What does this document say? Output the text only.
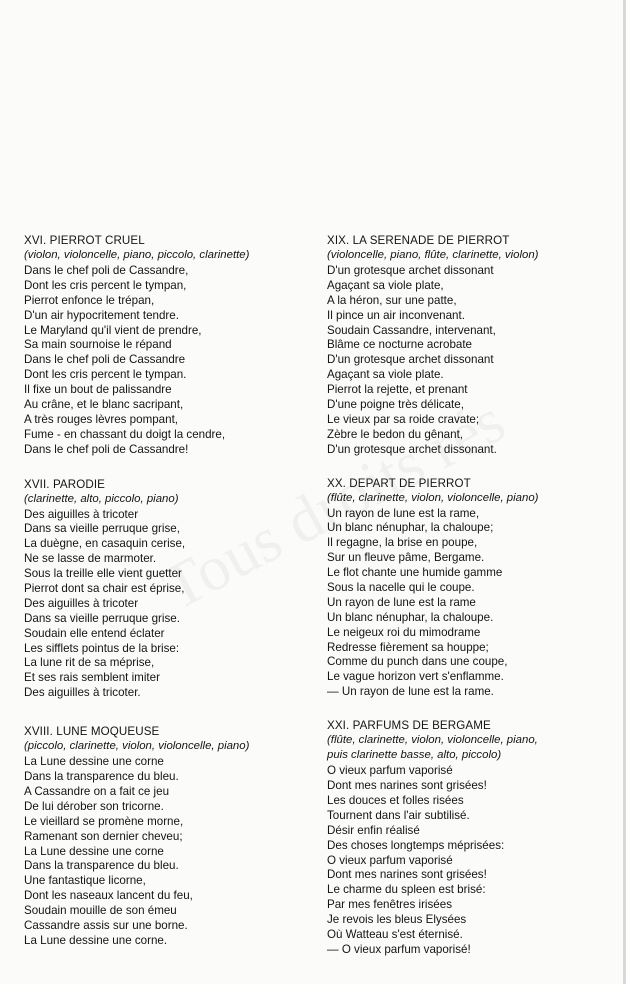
XVI. PIERROT CRUEL
(violon, violoncelle, piano, piccolo, clarinette)
Dans le chef poli de Cassandre,
Dont les cris percent le tympan,
Pierrot enfonce le trépan,
D'un air hypocritement tendre.
Le Maryland qu'il vient de prendre,
Sa main sournoise le répand
Dans le chef poli de Cassandre
Dont les cris percent le tympan.
Il fixe un bout de palissandre
Au crâne, et le blanc sacripant,
A très rouges lèvres pompant,
Fume - en chassant du doigt la cendre,
Dans le chef poli de Cassandre!
XVII. PARODIE
(clarinette, alto, piccolo, piano)
Des aiguilles à tricoter
Dans sa vieille perruque grise,
La duègne, en casaquin cerise,
Ne se lasse de marmoter.
Sous la treille elle vient guetter
Pierrot dont sa chair est éprise,
Des aiguilles à tricoter
Dans sa vieille perruque grise.
Soudain elle entend éclater
Les sifflets pointus de la brise:
La lune rit de sa méprise,
Et ses rais semblent imiter
Des aiguilles à tricoter.
XVIII. LUNE MOQUEUSE
(piccolo, clarinette, violon, violoncelle, piano)
La Lune dessine une corne
Dans la transparence du bleu.
A Cassandre on a fait ce jeu
De lui dérober son tricorne.
Le vieillard se promène morne,
Ramenant son dernier cheveu;
La Lune dessine une corne
Dans la transparence du bleu.
Une fantastique licorne,
Dont les naseaux lancent du feu,
Soudain mouille de son émeu
Cassandre assis sur une borne.
La Lune dessine une corne.
XIX. LA SERENADE DE PIERROT
(violoncelle, piano, flûte, clarinette, violon)
D'un grotesque archet dissonant
Agaçant sa viole plate,
A la héron, sur une patte,
Il pince un air inconvenant.
Soudain Cassandre, intervenant,
Blâme ce nocturne acrobate
D'un grotesque archet dissonant
Agaçant sa viole plate.
Pierrot la rejette, et prenant
D'une poigne très délicate,
Le vieux par sa roide cravate;
Zèbre le bedon du gênant,
D'un grotesque archet dissonant.
XX. DEPART DE PIERROT
(flûte, clarinette, violon, violoncelle, piano)
Un rayon de lune est la rame,
Un blanc nénuphar, la chaloupe;
Il regagne, la brise en poupe,
Sur un fleuve pâme, Bergame.
Le flot chante une humide gamme
Sous la nacelle qui le coupe.
Un rayon de lune est la rame
Un blanc nénuphar, la chaloupe.
Le neigeux roi du mimodrame
Redresse fièrement sa houppe;
Comme du punch dans une coupe,
Le vague horizon vert s'enflamme.
— Un rayon de lune est la rame.
XXI. PARFUMS DE BERGAME
(flûte, clarinette, violon, violoncelle, piano,
puis clarinette basse, alto, piccolo)
O vieux parfum vaporisé
Dont mes narines sont grisées!
Les douces et folles risées
Tournent dans l'air subtilisé.
Désir enfin réalisé
Des choses longtemps méprisées:
O vieux parfum vaporisé
Dont mes narines sont grisées!
Le charme du spleen est brisé:
Par mes fenêtres irisées
Je revois les bleus Elysées
Où Watteau s'est éternisé.
— O vieux parfum vaporisé!
